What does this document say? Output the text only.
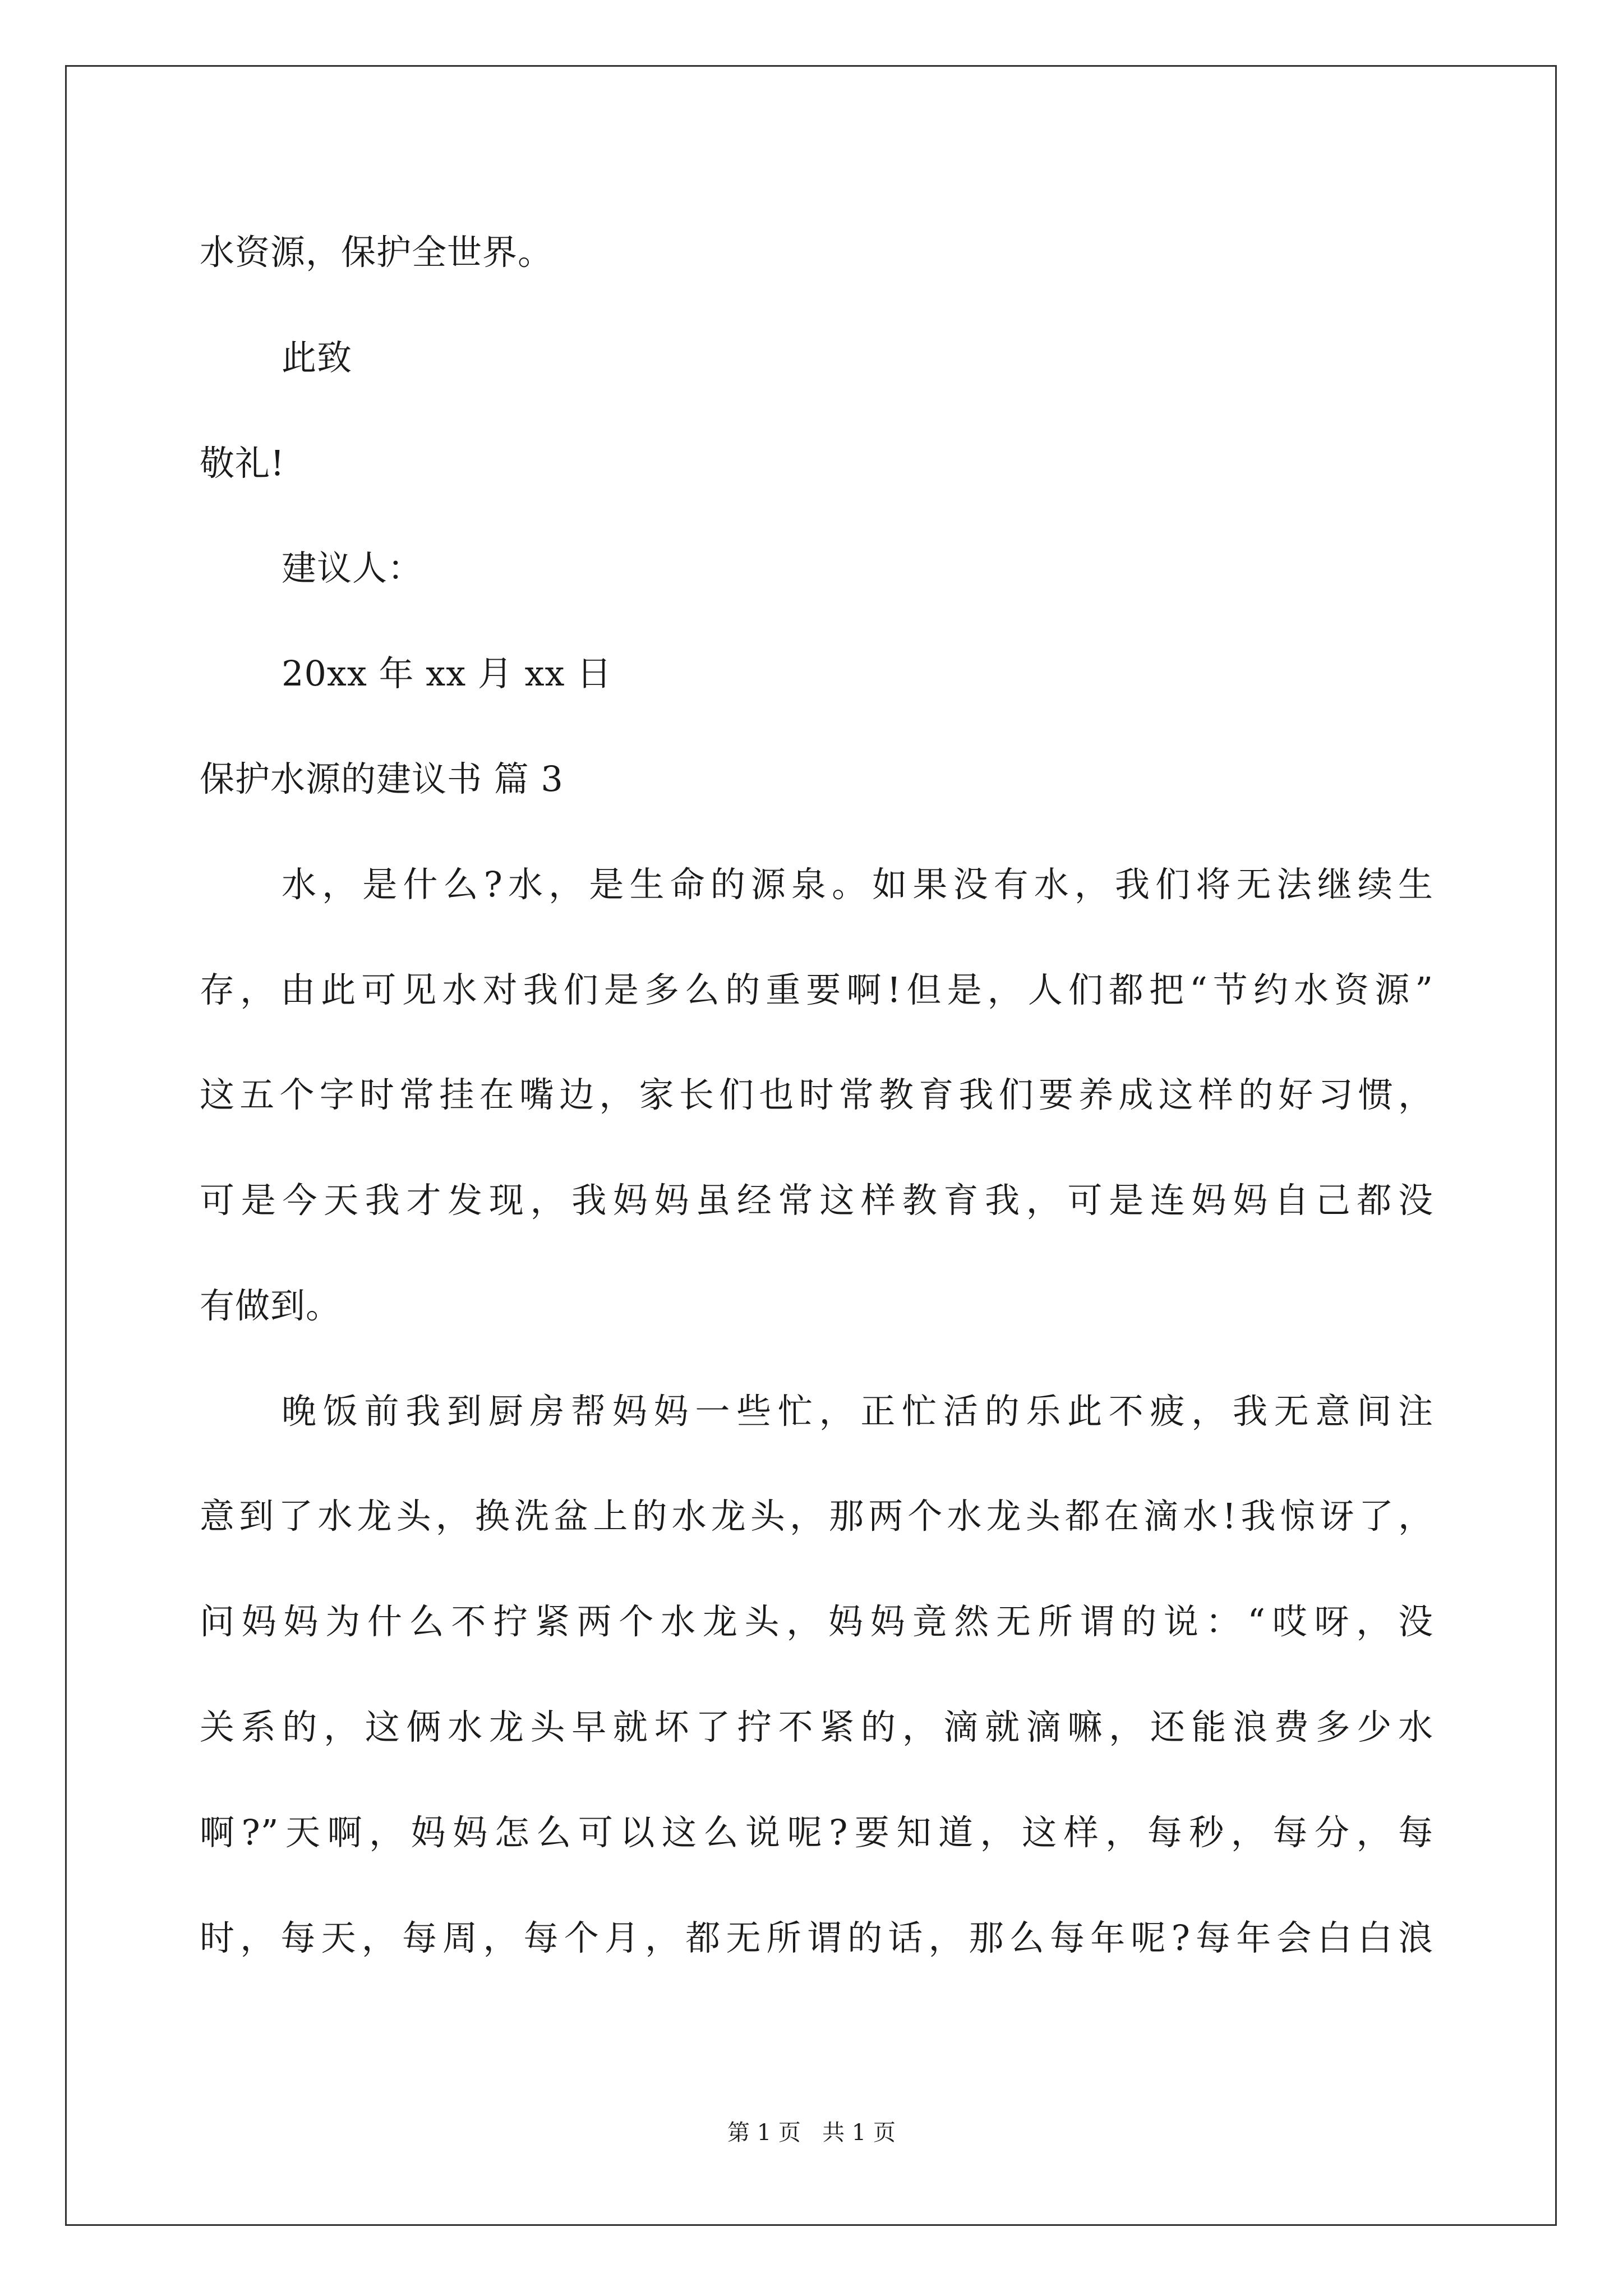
水资源，保护全世界。
此致
敬礼!
建议人：
20xx 年 xx 月 xx 日
保护水源的建议书 篇 3
水，是什么?水，是生命的源泉。如果没有水，我们将无法继续生
存，由此可见水对我们是多么的重要啊!但是，人们都把“节约水资源”
这五个字时常挂在嘴边，家长们也时常教育我们要养成这样的好习惯，
可是今天我才发现，我妈妈虽经常这样教育我，可是连妈妈自己都没
有做到。
晚饭前我到厨房帮妈妈一些忙，正忙活的乐此不疲，我无意间注
意到了水龙头，换洗盆上的水龙头，那两个水龙头都在滴水!我惊讶了，
问妈妈为什么不拧紧两个水龙头，妈妈竟然无所谓的说：“哎呀，没
关系的，这俩水龙头早就坏了拧不紧的，滴就滴嘛，还能浪费多少水
啊?”天啊，妈妈怎么可以这么说呢?要知道，这样，每秒，每分，每
时，每天，每周，每个月，都无所谓的话，那么每年呢?每年会白白浪
第 1 页   共 1 页
